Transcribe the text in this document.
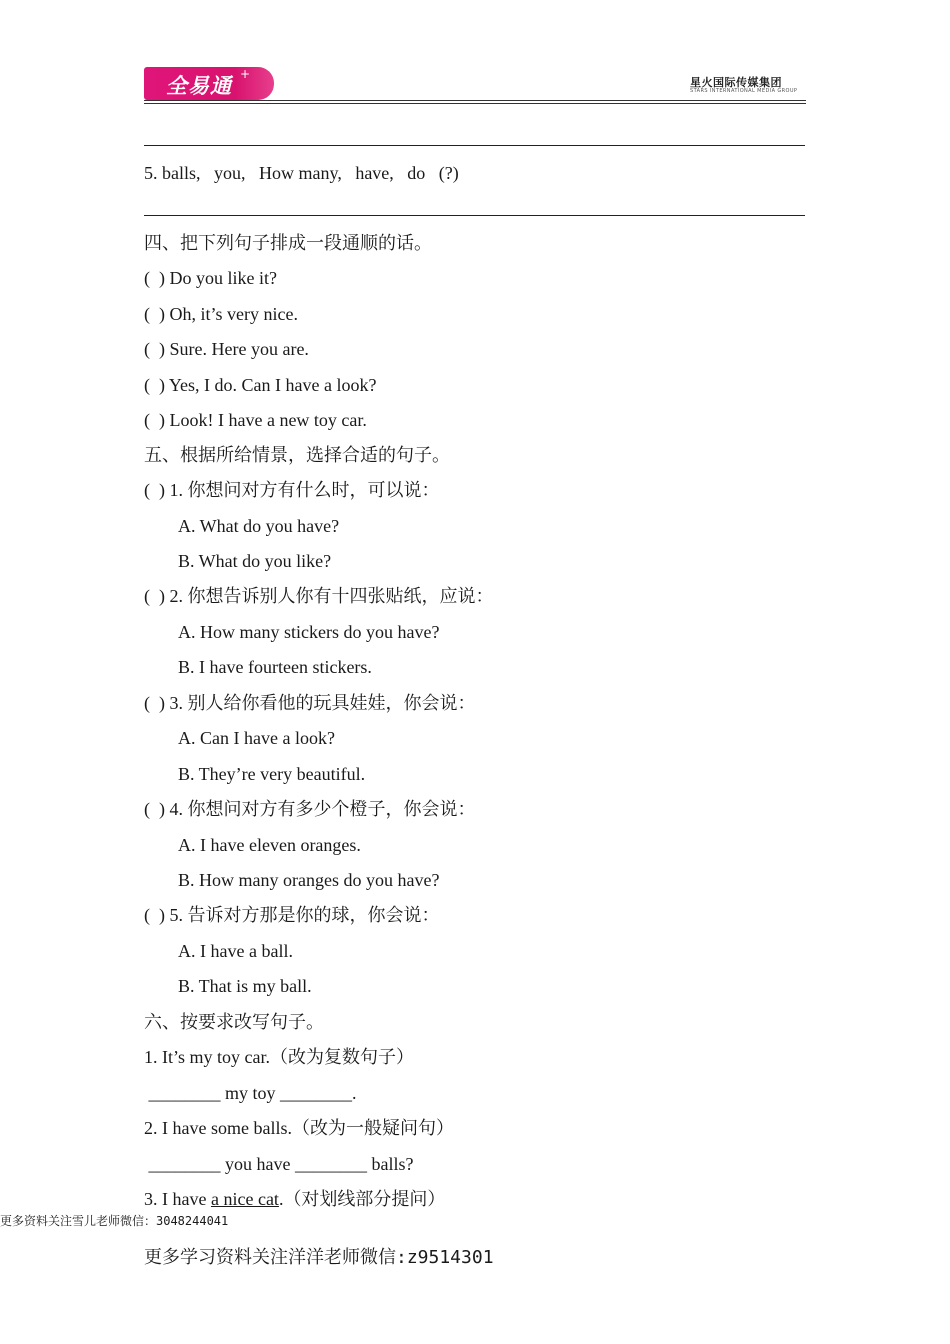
全易通 +
星火国际传媒集团
STARS INTERNATIONAL MEDIA GROUP
5. balls,   you,   How many,   have,   do   (?)
四、把下列句子排成一段通顺的话。
(  ) Do you like it?
(  ) Oh, it’s very nice.
(  ) Sure. Here you are.
(  ) Yes, I do. Can I have a look?
(  ) Look! I have a new toy car.
五、根据所给情景，选择合适的句子。
(  ) 1. 你想问对方有什么时，可以说：
A. What do you have?
B. What do you like?
(  ) 2. 你想告诉别人你有十四张贴纸，应说：
A. How many stickers do you have?
B. I have fourteen stickers.
(  ) 3. 别人给你看他的玩具娃娃，你会说：
A. Can I have a look?
B. They’re very beautiful.
(  ) 4. 你想问对方有多少个橙子，你会说：
A. I have eleven oranges.
B. How many oranges do you have?
(  ) 5. 告诉对方那是你的球，你会说：
A. I have a ball.
B. That is my ball.
六、按要求改写句子。
1. It’s my toy car.（改为复数句子）
________ my toy ________.
2. I have some balls.（改为一般疑问句）
________ you have ________ balls?
3. I have a nice cat.（对划线部分提问）
更多资料关注雪儿老师微信：3048244041
更多学习资料关注洋洋老师微信:z9514301
